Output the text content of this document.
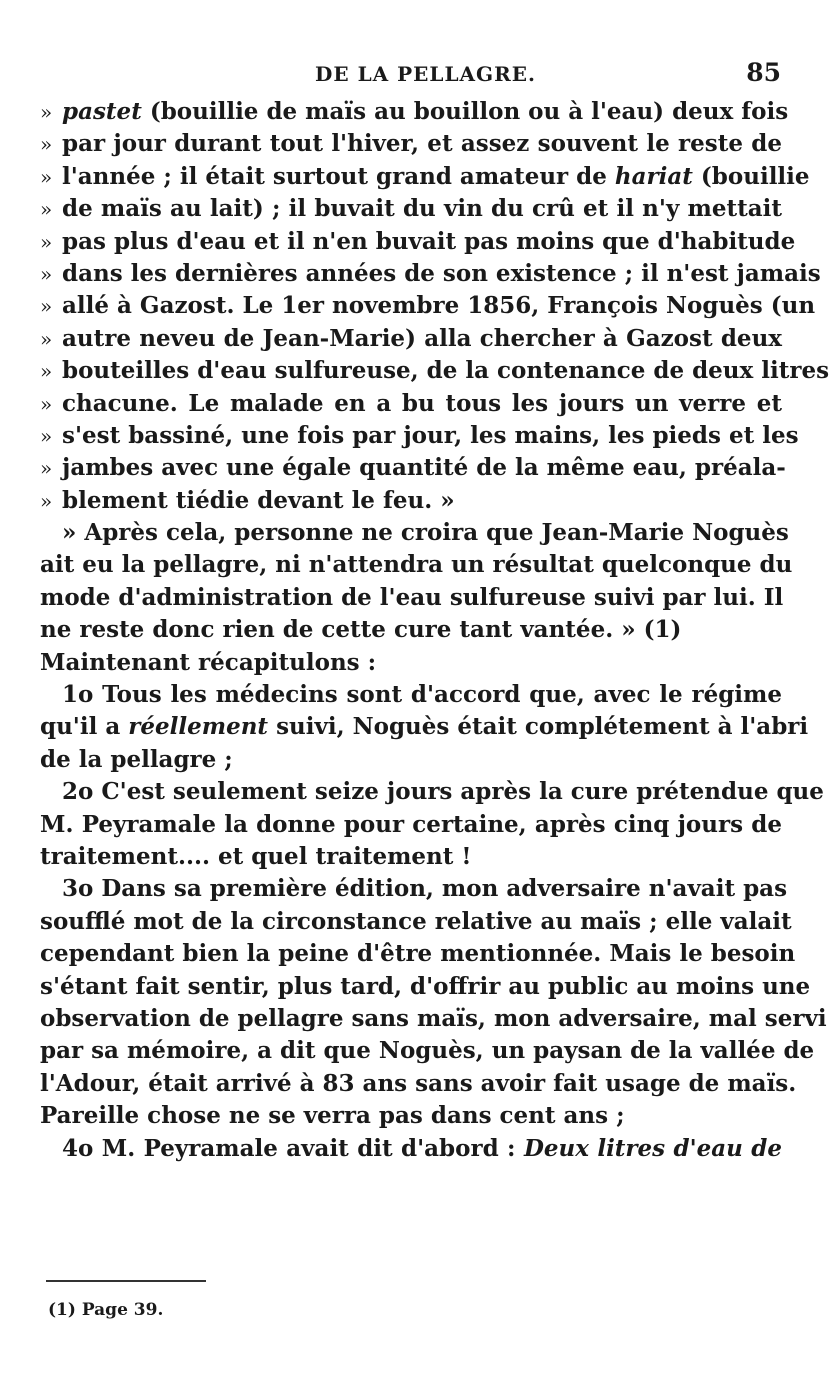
DE LA PELLAGRE.	85
» pastet (bouillie de maïs au bouillon ou à l'eau) deux fois
» par jour durant tout l'hiver, et assez souvent le reste de
» l'année ; il était surtout grand amateur de hariat (bouillie
» de maïs au lait) ; il buvait du vin du crû et il n'y mettait
» pas plus d'eau et il n'en buvait pas moins que d'habitude
» dans les dernières années de son existence ; il n'est jamais
» allé à Gazost. Le 1er novembre 1856, François Noguès (un
» autre neveu de Jean-Marie) alla chercher à Gazost deux
» bouteilles d'eau sulfureuse, de la contenance de deux litres
» chacune. Le malade en a bu tous les jours un verre et
» s'est bassiné, une fois par jour, les mains, les pieds et les
» jambes avec une égale quantité de la même eau, préala-
» blement tiédie devant le feu. »
» Après cela, personne ne croira que Jean-Marie Noguès
ait eu la pellagre, ni n'attendra un résultat quelconque du
mode d'administration de l'eau sulfureuse suivi par lui. Il
ne reste donc rien de cette cure tant vantée. » (1)
Maintenant récapitulons :
1o Tous les médecins sont d'accord que, avec le régime
qu'il a réellement suivi, Noguès était complétement à l'abri
de la pellagre ;
2o C'est seulement seize jours après la cure prétendue que
M. Peyramale la donne pour certaine, après cinq jours de
traitement.... et quel traitement !
3o Dans sa première édition, mon adversaire n'avait pas
soufflé mot de la circonstance relative au maïs ; elle valait
cependant bien la peine d'être mentionnée. Mais le besoin
s'étant fait sentir, plus tard, d'offrir au public au moins une
observation de pellagre sans maïs, mon adversaire, mal servi
par sa mémoire, a dit que Noguès, un paysan de la vallée de
l'Adour, était arrivé à 83 ans sans avoir fait usage de maïs.
Pareille chose ne se verra pas dans cent ans ;
4o M. Peyramale avait dit d'abord : Deux litres d'eau de
(1) Page 39.
